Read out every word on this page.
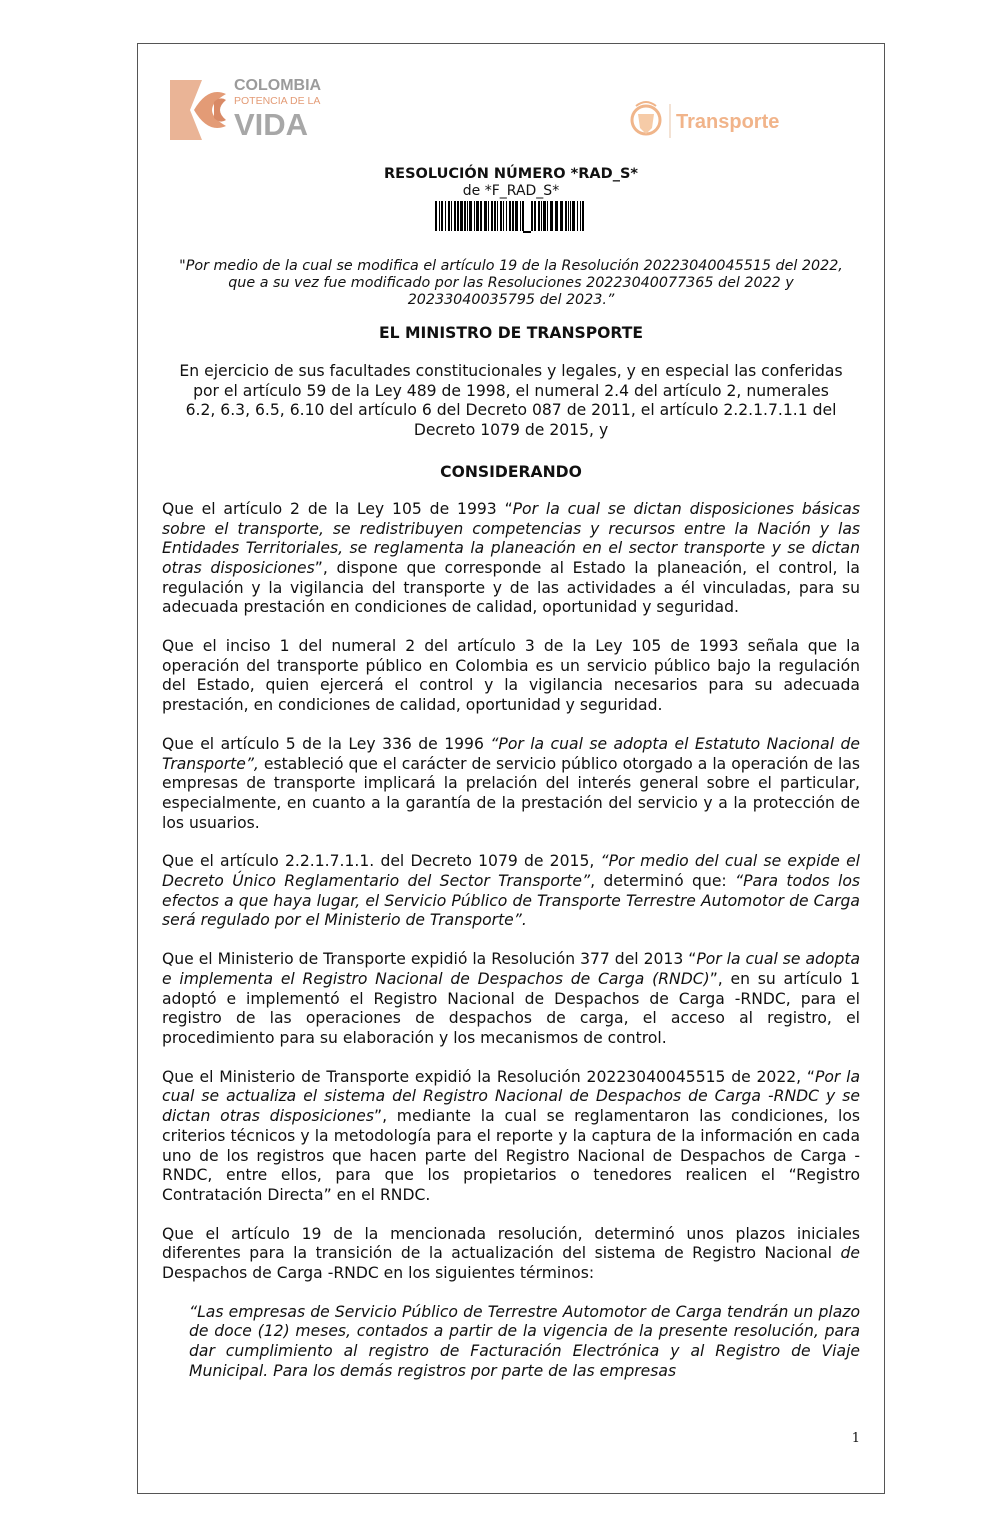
COLOMBIA
POTENCIA DE LA
VIDA	Transporte
RESOLUCIÓN NÚMERO *RAD_S*
de *F_RAD_S*

"Por medio de la cual se modifica el artículo 19 de la Resolución 20223040045515 del 2022,
que a su vez fue modificado por las Resoluciones 20223040077365 del 2022 y
20233040035795 del 2023.”

EL MINISTRO DE TRANSPORTE

En ejercicio de sus facultades constitucionales y legales, y en especial las conferidas
por el artículo 59 de la Ley 489 de 1998, el numeral 2.4 del artículo 2, numerales
6.2, 6.3, 6.5, 6.10 del artículo 6 del Decreto 087 de 2011, el artículo 2.2.1.7.1.1 del
Decreto 1079 de 2015, y

CONSIDERANDO

Que el artículo 2 de la Ley 105 de 1993 “Por la cual se dictan disposiciones básicas sobre el transporte, se redistribuyen competencias y recursos entre la Nación y las Entidades Territoriales, se reglamenta la planeación en el sector transporte y se dictan otras disposiciones”, dispone que corresponde al Estado la planeación, el control, la regulación y la vigilancia del transporte y de las actividades a él vinculadas, para su adecuada prestación en condiciones de calidad, oportunidad y seguridad.

Que el inciso 1 del numeral 2 del artículo 3 de la Ley 105 de 1993 señala que la operación del transporte público en Colombia es un servicio público bajo la regulación del Estado, quien ejercerá el control y la vigilancia necesarios para su adecuada prestación, en condiciones de calidad, oportunidad y seguridad.

Que el artículo 5 de la Ley 336 de 1996 “Por la cual se adopta el Estatuto Nacional de Transporte”, estableció que el carácter de servicio público otorgado a la operación de las empresas de transporte implicará la prelación del interés general sobre el particular, especialmente, en cuanto a la garantía de la prestación del servicio y a la protección de los usuarios.

Que el artículo 2.2.1.7.1.1. del Decreto 1079 de 2015, “Por medio del cual se expide el Decreto Único Reglamentario del Sector Transporte”, determinó que: “Para todos los efectos a que haya lugar, el Servicio Público de Transporte Terrestre Automotor de Carga será regulado por el Ministerio de Transporte”.

Que el Ministerio de Transporte expidió la Resolución 377 del 2013 “Por la cual se adopta e implementa el Registro Nacional de Despachos de Carga (RNDC)”, en su artículo 1 adoptó e implementó el Registro Nacional de Despachos de Carga -RNDC, para el registro de las operaciones de despachos de carga, el acceso al registro, el procedimiento para su elaboración y los mecanismos de control.

Que el Ministerio de Transporte expidió la Resolución 20223040045515 de 2022, “Por la cual se actualiza el sistema del Registro Nacional de Despachos de Carga -RNDC y se dictan otras disposiciones”, mediante la cual se reglamentaron las condiciones, los criterios técnicos y la metodología para el reporte y la captura de la información en cada uno de los registros que hacen parte del Registro Nacional de Despachos de Carga - RNDC, entre ellos, para que los propietarios o tenedores realicen el “Registro Contratación Directa” en el RNDC.

Que el artículo 19 de la mencionada resolución, determinó unos plazos iniciales diferentes para la transición de la actualización del sistema de Registro Nacional de Despachos de Carga -RNDC en los siguientes términos:

“Las empresas de Servicio Público de Terrestre Automotor de Carga tendrán un plazo de doce (12) meses, contados a partir de la vigencia de la presente resolución, para dar cumplimiento al registro de Facturación Electrónica y al Registro de Viaje Municipal. Para los demás registros por parte de las empresas

1
